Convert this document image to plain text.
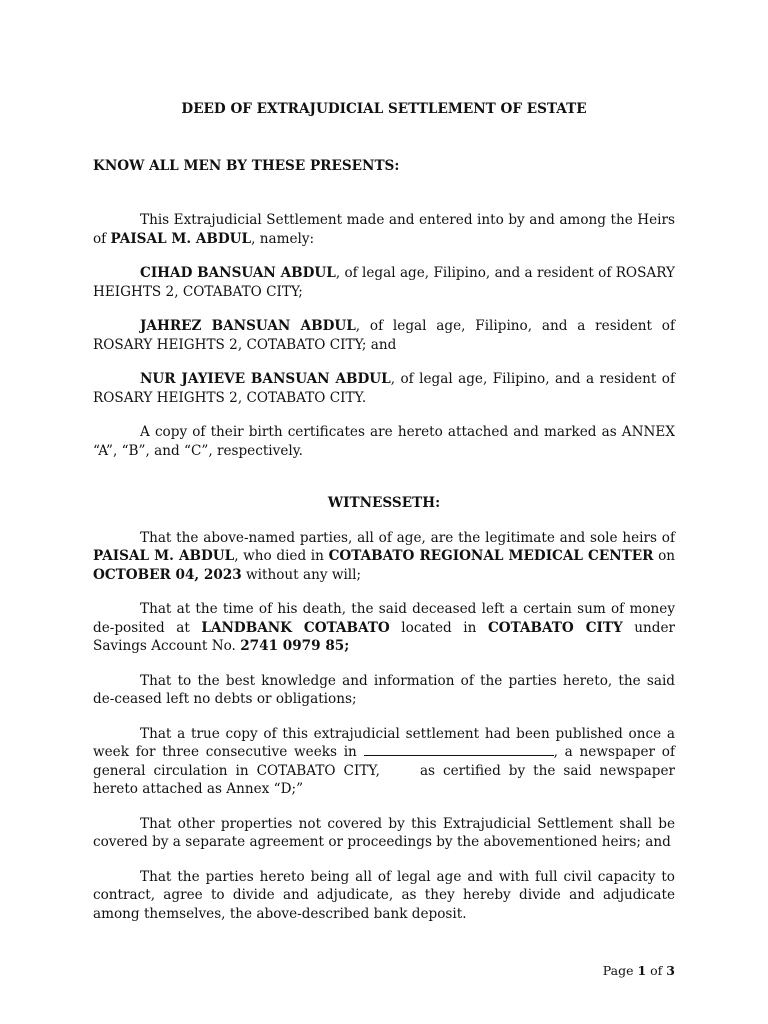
DEED OF EXTRAJUDICIAL SETTLEMENT OF ESTATE
KNOW ALL MEN BY THESE PRESENTS:

This Extrajudicial Settlement made and entered into by and among the Heirs of PAISAL M. ABDUL, namely:

CIHAD BANSUAN ABDUL, of legal age, Filipino, and a resident of ROSARY HEIGHTS 2, COTABATO CITY;

JAHREZ BANSUAN ABDUL, of legal age, Filipino, and a resident of ROSARY HEIGHTS 2, COTABATO CITY; and

NUR JAYIEVE BANSUAN ABDUL, of legal age, Filipino, and a resident of ROSARY HEIGHTS 2, COTABATO CITY.

A copy of their birth certificates are hereto attached and marked as ANNEX “A”, “B”, and “C”, respectively.

WITNESSETH:

That the above-named parties, all of age, are the legitimate and sole heirs of PAISAL M. ABDUL, who died in COTABATO REGIONAL MEDICAL CENTER on OCTOBER 04, 2023 without any will;

That at the time of his death, the said deceased left a certain sum of money de-posited at LANDBANK COTABATO located in COTABATO CITY under Savings Account No. 2741 0979 85;

That to the best knowledge and information of the parties hereto, the said de-ceased left no debts or obligations;

That a true copy of this extrajudicial settlement had been published once a week for three consecutive weeks in	, a newspaper of general circulation in COTABATO CITY,	as certified by the said newspaper hereto attached as Annex “D;”

That other properties not covered by this Extrajudicial Settlement shall be covered by a separate agreement or proceedings by the abovementioned heirs; and

That the parties hereto being all of legal age and with full civil capacity to contract, agree to divide and adjudicate, as they hereby divide and adjudicate among themselves, the above-described bank deposit.

Page 1 of 3
